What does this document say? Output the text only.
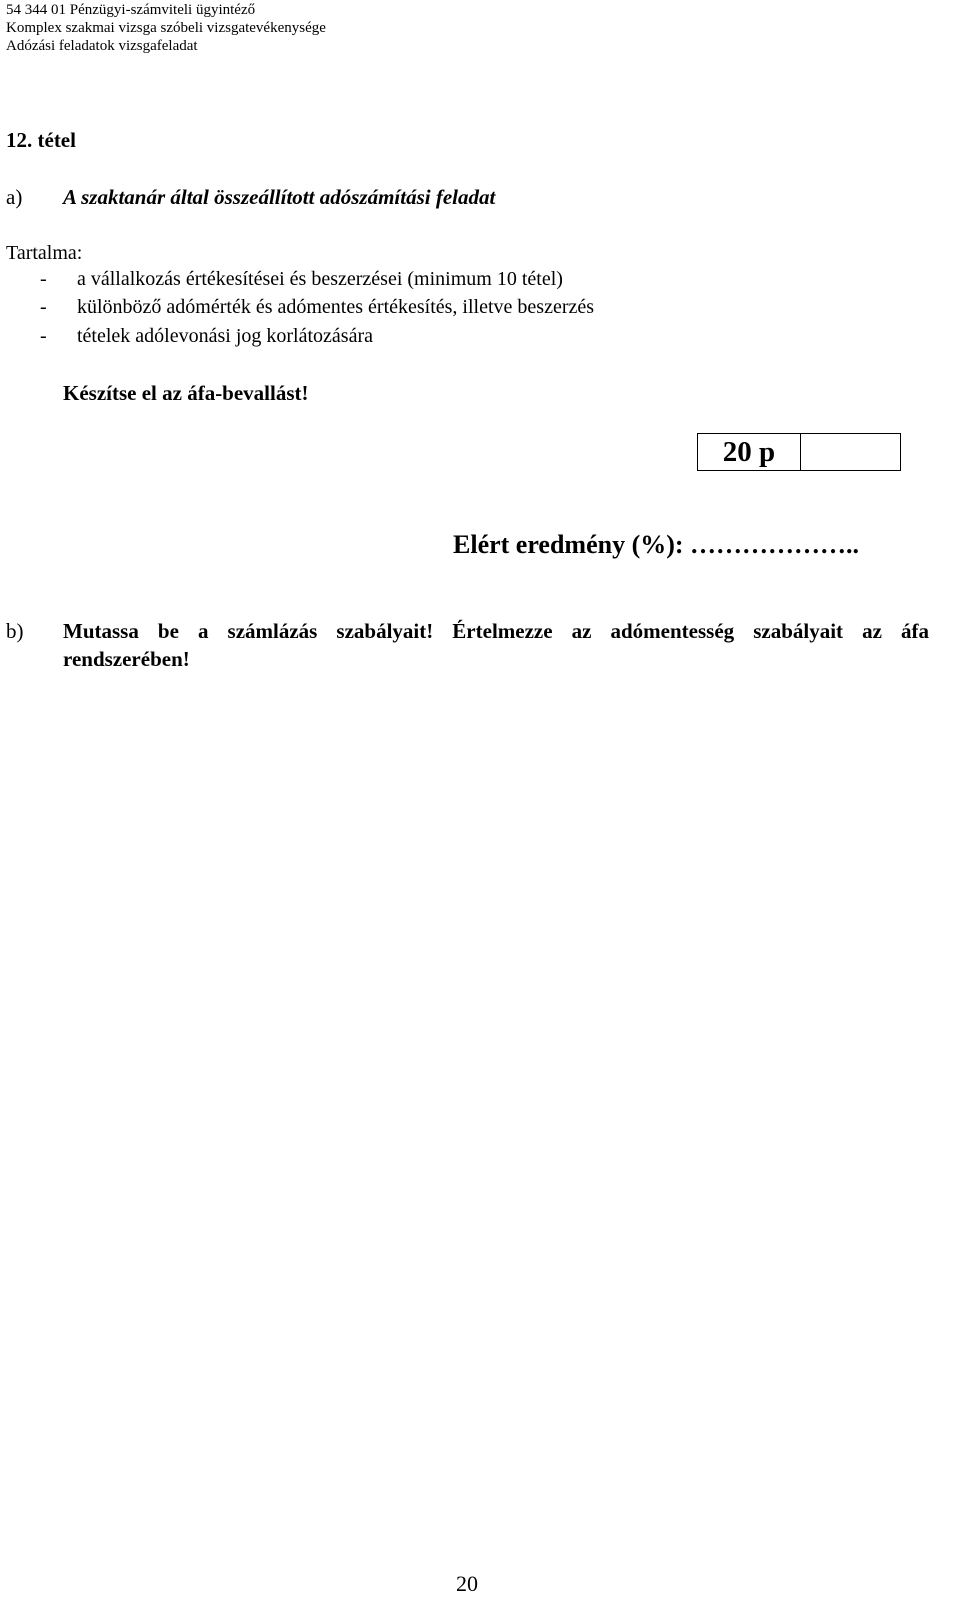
54 344 01 Pénzügyi-számviteli ügyintéző
Komplex szakmai vizsga szóbeli vizsgatevékenysége
Adózási feladatok vizsgafeladat
12. tétel
a) A szaktanár által összeállított adószámítási feladat
Tartalma:
- a vállalkozás értékesítései és beszerzései (minimum 10 tétel)
- különböző adómérték és adómentes értékesítés, illetve beszerzés
- tételek adólevonási jog korlátozására
Készítse el az áfa-bevallást!
20 p
Elért eredmény (%): ………………..
b) Mutassa be a számlázás szabályait! Értelmezze az adómentesség szabályait az áfa
rendszerében!
20
